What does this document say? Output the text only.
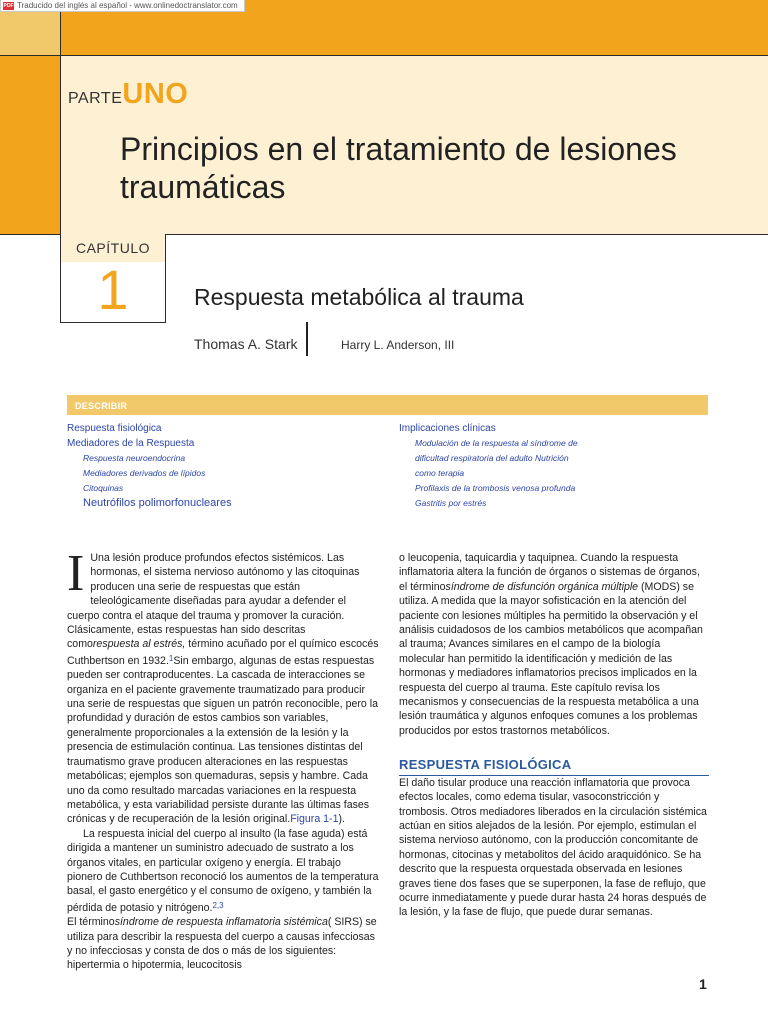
PDF Traducido del inglés al español - www.onlinedoctranslator.com
PARTE UNO
Principios en el tratamiento de lesiones traumáticas
CAPÍTULO
1	Respuesta metabólica al trauma
Thomas A. Stark	Harry L. Anderson, III
DESCRIBIR
Respuesta fisiológica
Mediadores de la Respuesta
Respuesta neuroendocrina
Mediadores derivados de lípidos
Citoquinas
Neutrófilos polimorfonucleares
Implicaciones clínicas
Modulación de la respuesta al síndrome de
dificultad respiratoria del adulto Nutrición
como terapia
Profilaxis de la trombosis venosa profunda
Gastritis por estrés

I Una lesión produce profundos efectos sistémicos. Las hormonas, el sistema nervioso autónomo y las citoquinas producen una serie de respuestas que están teleológicamente diseñadas para ayudar a defender el cuerpo contra el ataque del trauma y promover la curación. Clásicamente, estas respuestas han sido descritas comorespuesta al estrés, término acuñado por el químico escocés Cuthbertson en 1932.$^1$Sin embargo, algunas de estas respuestas pueden ser contraproducentes. La cascada de interacciones se organiza en el paciente gravemente traumatizado para producir una serie de respuestas que siguen un patrón reconocible, pero la profundidad y duración de estos cambios son variables, generalmente proporcionales a la extensión de la lesión y la presencia de estimulación continua. Las tensiones distintas del traumatismo grave producen alteraciones en las respuestas metabólicas; ejemplos son quemaduras, sepsis y hambre. Cada uno da como resultado marcadas variaciones en la respuesta metabólica, y esta variabilidad persiste durante las últimas fases crónicas y de recuperación de la lesión original.Figura 1-1).

La respuesta inicial del cuerpo al insulto (la fase aguda) está dirigida a mantener un suministro adecuado de sustrato a los órganos vitales, en particular oxígeno y energía. El trabajo pionero de Cuthbertson reconoció los aumentos de la temperatura basal, el gasto energético y el consumo de oxígeno, y también la pérdida de potasio y nitrógeno.$^{2,3}$

El términosíndrome de respuesta inflamatoria sistémica( SIRS) se utiliza para describir la respuesta del cuerpo a causas infecciosas y no infecciosas y consta de dos o más de los siguientes: hipertermia o hipotermia, leucocitosis

o leucopenia, taquicardia y taquipnea. Cuando la respuesta inflamatoria altera la función de órganos o sistemas de órganos, el términosíndrome de disfunción orgánica múltiple (MODS) se utiliza. A medida que la mayor sofisticación en la atención del paciente con lesiones múltiples ha permitido la observación y el análisis cuidadosos de los cambios metabólicos que acompañan al trauma; Avances similares en el campo de la biología molecular han permitido la identificación y medición de las hormonas y mediadores inflamatorios precisos implicados en la respuesta del cuerpo al trauma. Este capítulo revisa los mecanismos y consecuencias de la respuesta metabólica a una lesión traumática y algunos enfoques comunes a los problemas producidos por estos trastornos metabólicos.

RESPUESTA FISIOLÓGICA

El daño tisular produce una reacción inflamatoria que provoca efectos locales, como edema tisular, vasoconstricción y trombosis. Otros mediadores liberados en la circulación sistémica actúan en sitios alejados de la lesión. Por ejemplo, estimulan el sistema nervioso autónomo, con la producción concomitante de hormonas, citocinas y metabolitos del ácido araquidónico. Se ha descrito que la respuesta orquestada observada en lesiones graves tiene dos fases que se superponen, la fase de reflujo, que ocurre inmediatamente y puede durar hasta 24 horas después de la lesión, y la fase de flujo, que puede durar semanas.

1
